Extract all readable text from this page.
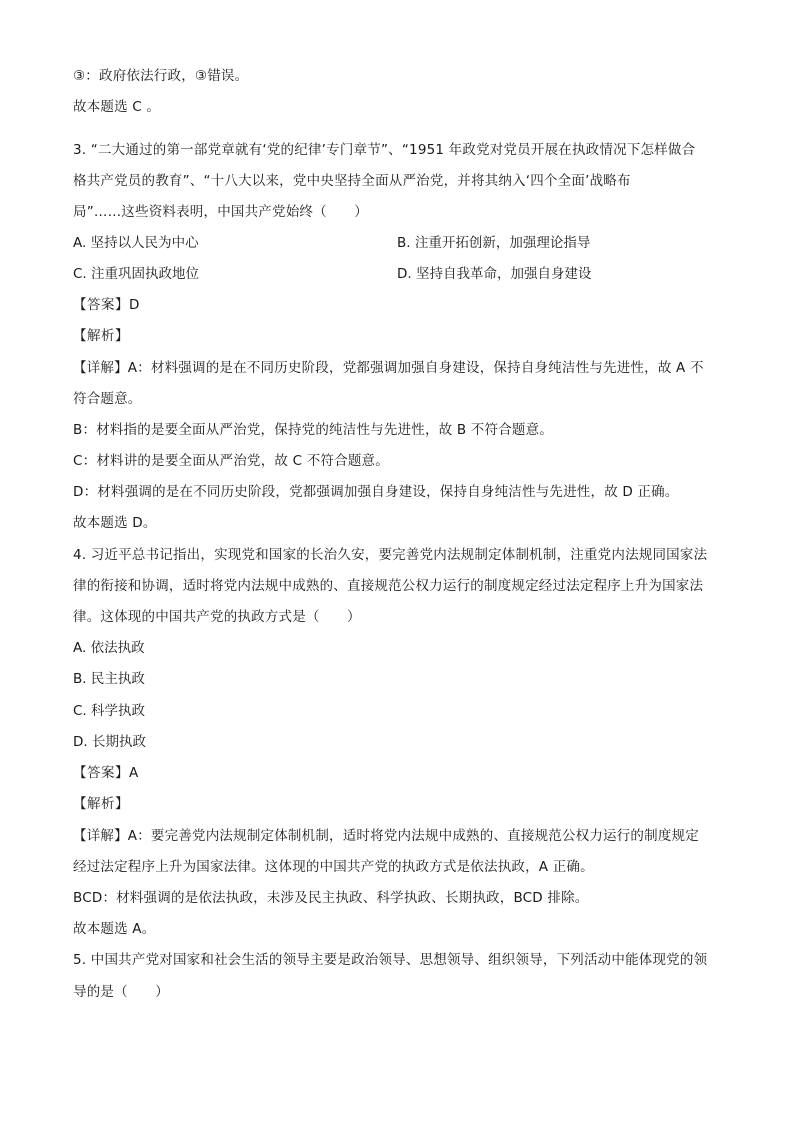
③：政府依法行政，③错误。
故本题选 C 。
3. “二大通过的第一部党章就有‘党的纪律’专门章节”、“1951 年政党对党员开展在执政情况下怎样做合
格共产党员的教育”、“十八大以来，党中央坚持全面从严治党，并将其纳入‘四个全面’战略布
局”……这些资料表明，中国共产党始终（　　）
A. 坚持以人民为中心	B. 注重开拓创新，加强理论指导
C. 注重巩固执政地位	D. 坚持自我革命，加强自身建设
【答案】D
【解析】
【详解】A：材料强调的是在不同历史阶段，党都强调加强自身建设，保持自身纯洁性与先进性，故 A 不
符合题意。
B：材料指的是要全面从严治党，保持党的纯洁性与先进性，故 B 不符合题意。
C：材料讲的是要全面从严治党，故 C 不符合题意。
D：材料强调的是在不同历史阶段，党都强调加强自身建设，保持自身纯洁性与先进性，故 D 正确。
故本题选 D。
4. 习近平总书记指出，实现党和国家的长治久安，要完善党内法规制定体制机制，注重党内法规同国家法
律的衔接和协调，适时将党内法规中成熟的、直接规范公权力运行的制度规定经过法定程序上升为国家法
律。这体现的中国共产党的执政方式是（　　）
A. 依法执政
B. 民主执政
C. 科学执政
D. 长期执政
【答案】A
【解析】
【详解】A：要完善党内法规制定体制机制，适时将党内法规中成熟的、直接规范公权力运行的制度规定
经过法定程序上升为国家法律。这体现的中国共产党的执政方式是依法执政，A 正确。
BCD：材料强调的是依法执政，未涉及民主执政、科学执政、长期执政，BCD 排除。
故本题选 A。
5. 中国共产党对国家和社会生活的领导主要是政治领导、思想领导、组织领导，下列活动中能体现党的领
导的是（　　）
